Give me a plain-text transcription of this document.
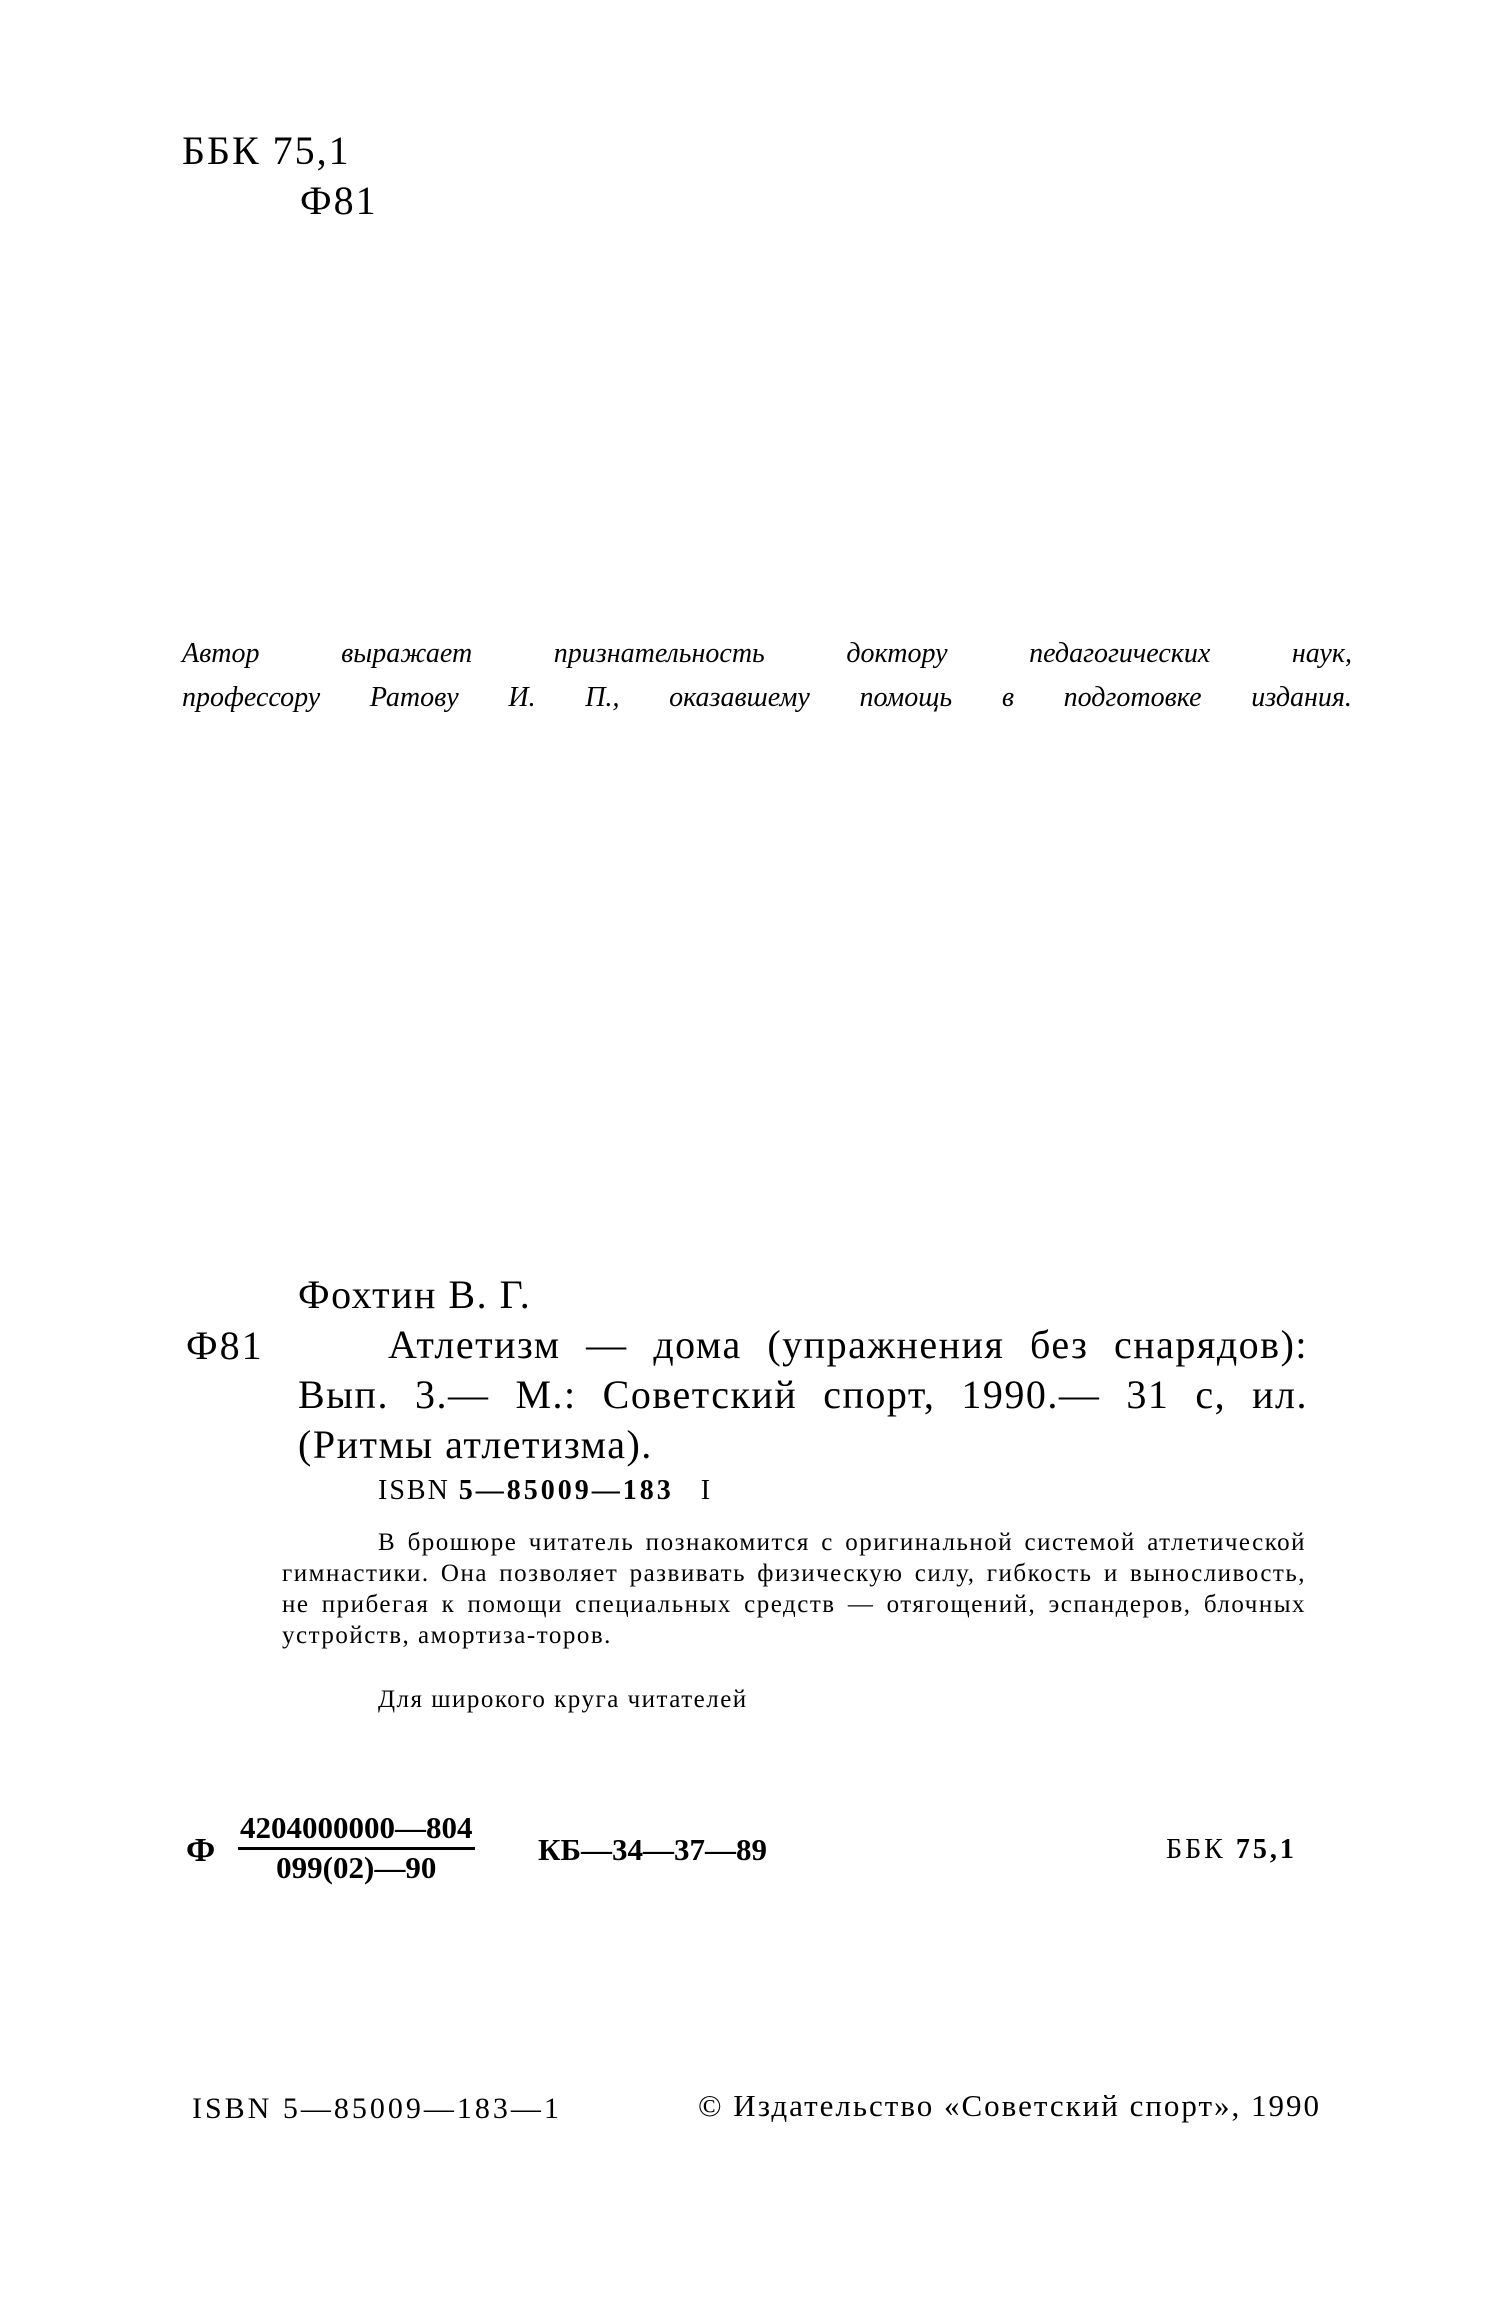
ББК 75,1
Ф81
Автор	выражает	признательность	доктору	педагогических	наук,
профессору Ратову И. П., оказавшему помощь в подготовке издания.
Ф81
Фохтин В. Г.
Атлетизм — дома (упражнения без снарядов): Вып. 3.— М.: Советский спорт, 1990.— 31 с, ил. (Ритмы атлетизма).
ISBN 5—85009—183 I

В брошюре читатель познакомится с оригинальной системой атлетической гимнастики. Она позволяет развивать физическую силу, гибкость и выносливость, не прибегая к помощи специальных средств — отягощений, эспандеров, блочных устройств, амортиза-торов.

Для широкого круга читателей
Ф $\frac{4204000000—804}{099(02)—90}$ КБ—34—37—89	ББК 75,1
ISBN 5—85009—183—1	© Издательство «Советский спорт», 1990
